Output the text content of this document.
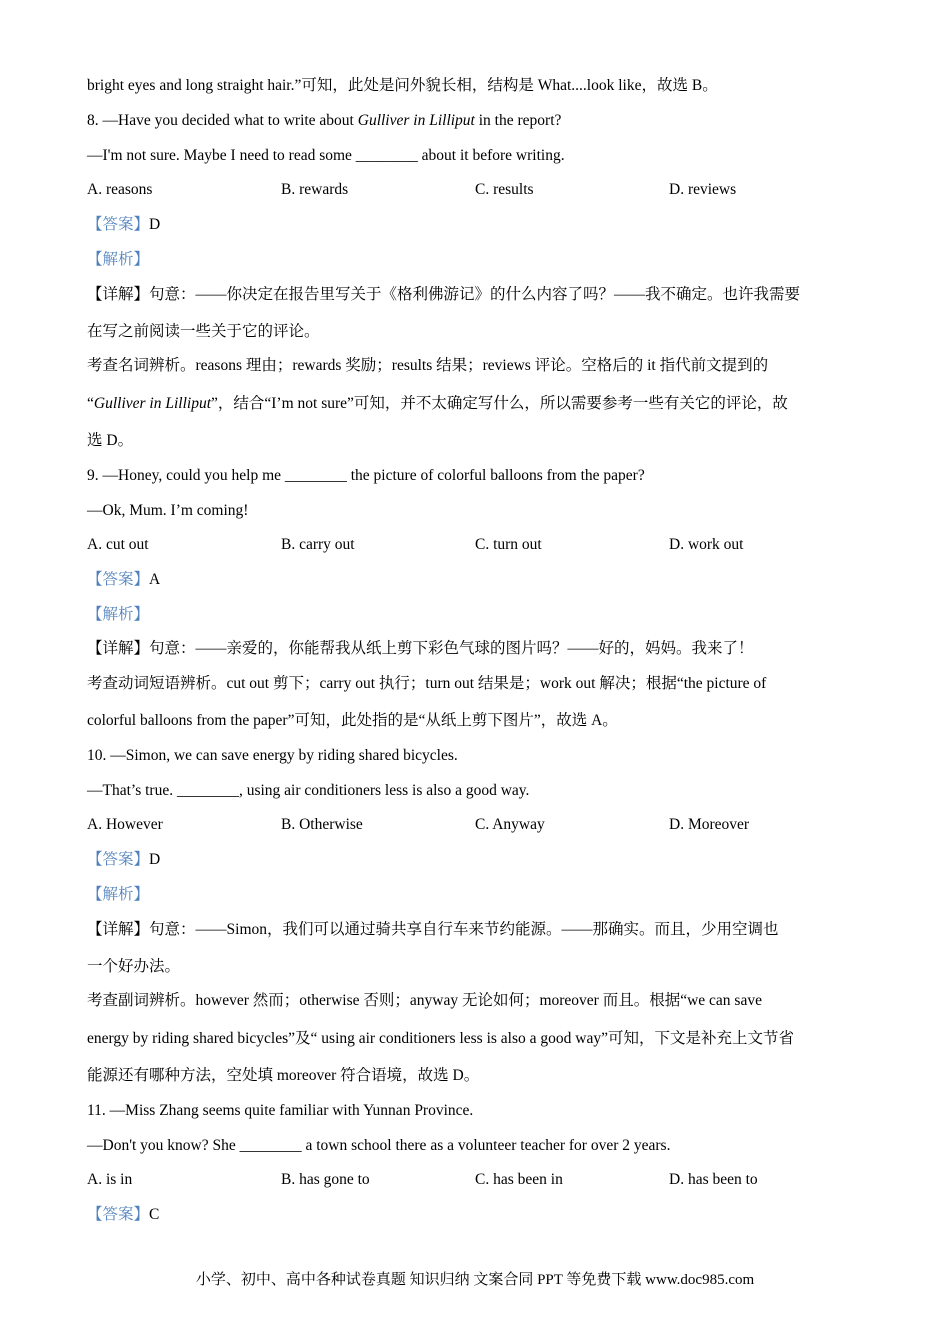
bright eyes and long straight hair.”可知，此处是问外貌长相，结构是 What....look like，故选 B。
8. —Have you decided what to write about Gulliver in Lilliput in the report?
—I'm not sure. Maybe I need to read some ________ about it before writing.
A. reasons	B. rewards	C. results	D. reviews
【答案】D
【解析】
【详解】句意：——你决定在报告里写关于《格利佛游记》的什么内容了吗？——我不确定。也许我需要
在写之前阅读一些关于它的评论。
考查名词辨析。reasons 理由；rewards 奖励；results 结果；reviews 评论。空格后的 it 指代前文提到的
“Gulliver in Lilliput”，结合“I’m not sure”可知，并不太确定写什么，所以需要参考一些有关它的评论，故
选 D。
9. —Honey, could you help me ________ the picture of colorful balloons from the paper?
—Ok, Mum. I’m coming!
A. cut out	B. carry out	C. turn out	D. work out
【答案】A
【解析】
【详解】句意：——亲爱的，你能帮我从纸上剪下彩色气球的图片吗？——好的，妈妈。我来了！
考查动词短语辨析。cut out 剪下；carry out 执行；turn out 结果是；work out 解决；根据“the picture of
colorful balloons from the paper”可知，此处指的是“从纸上剪下图片”，故选 A。
10. —Simon, we can save energy by riding shared bicycles.
—That’s true. ________, using air conditioners less is also a good way.
A. However	B. Otherwise	C. Anyway	D. Moreover
【答案】D
【解析】
【详解】句意：——Simon，我们可以通过骑共享自行车来节约能源。——那确实。而且，少用空调也
一个好办法。
考查副词辨析。however 然而；otherwise 否则；anyway 无论如何；moreover 而且。根据“we can save
energy by riding shared bicycles”及“ using air conditioners less is also a good way”可知，下文是补充上文节省
能源还有哪种方法，空处填 moreover 符合语境，故选 D。
11. —Miss Zhang seems quite familiar with Yunnan Province.
—Don't you know? She ________ a town school there as a volunteer teacher for over 2 years.
A. is in	B. has gone to	C. has been in	D. has been to
【答案】C
小学、初中、高中各种试卷真题 知识归纳 文案合同 PPT 等免费下载 www.doc985.com
